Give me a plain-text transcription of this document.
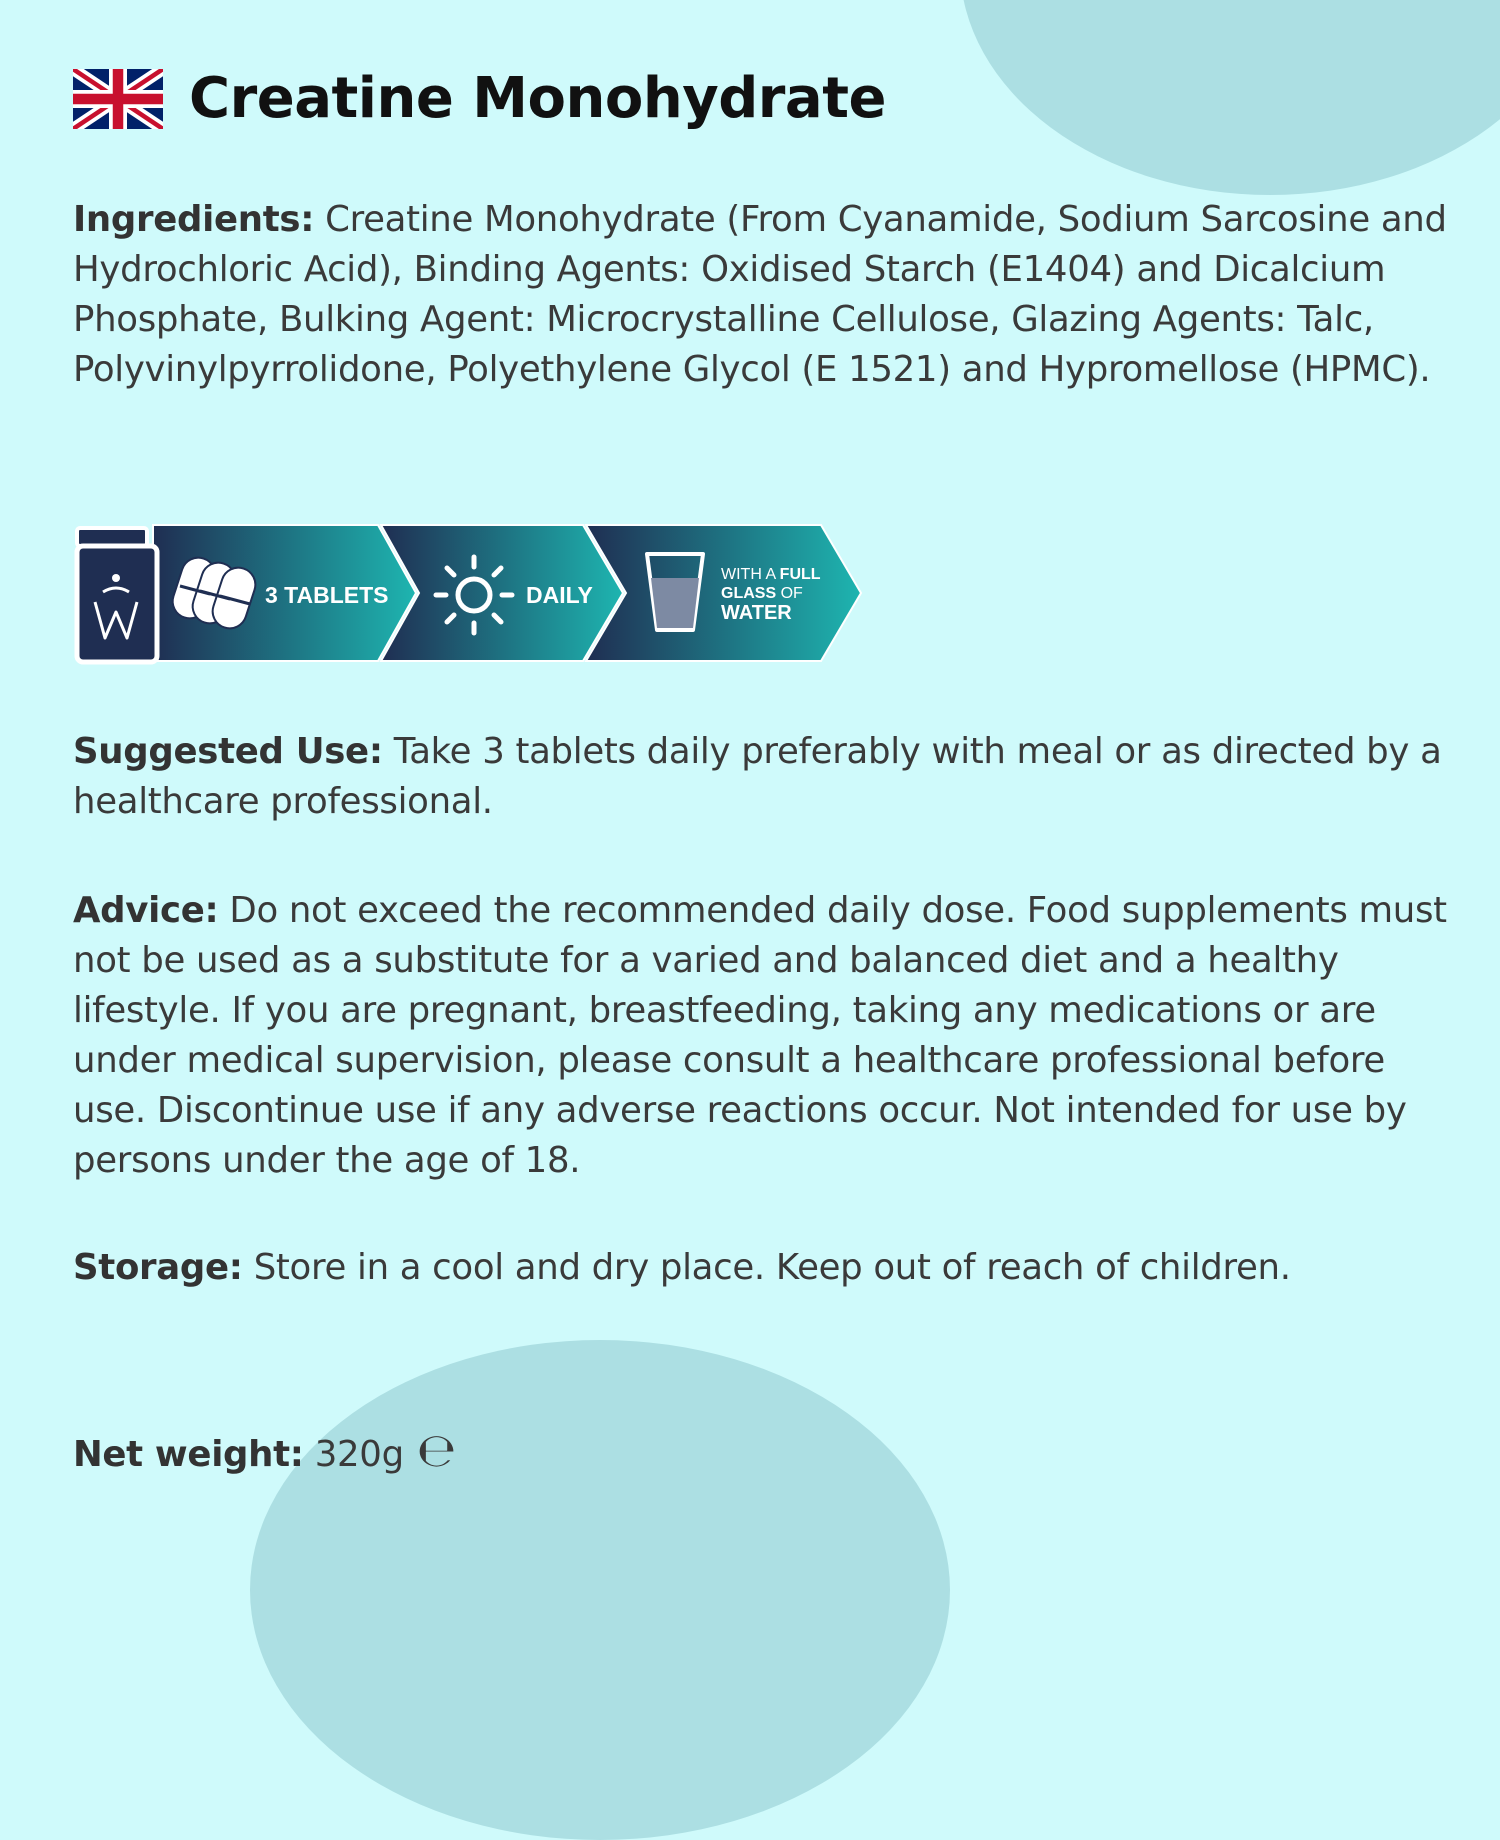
Creatine Monohydrate

Ingredients: Creatine Monohydrate (From Cyanamide, Sodium Sarcosine and Hydrochloric Acid), Binding Agents: Oxidised Starch (E1404) and Dicalcium Phosphate, Bulking Agent: Microcrystalline Cellulose, Glazing Agents: Talc, Polyvinylpyrrolidone, Polyethylene Glycol (E 1521) and Hypromellose (HPMC).

3 TABLETS	DAILY
WITH A FULL
GLASS OF
WATER

Suggested Use: Take 3 tablets daily preferably with meal or as directed by a healthcare professional.

Advice: Do not exceed the recommended daily dose. Food supplements must not be used as a substitute for a varied and balanced diet and a healthy lifestyle. If you are pregnant, breastfeeding, taking any medications or are under medical supervision, please consult a healthcare professional before use. Discontinue use if any adverse reactions occur. Not intended for use by persons under the age of 18.

Storage: Store in a cool and dry place. Keep out of reach of children.

Net weight: 320g ℮
